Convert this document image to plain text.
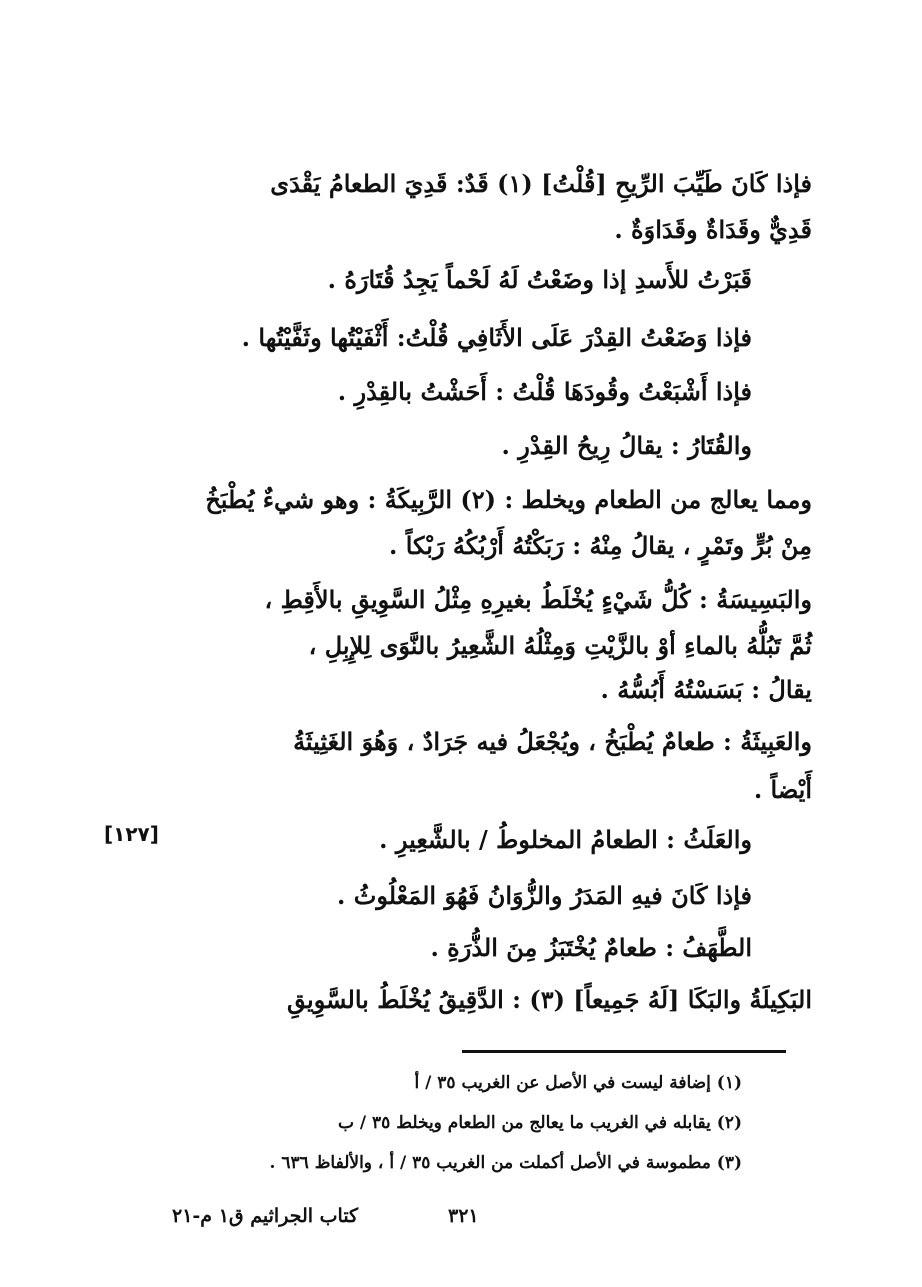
فإذا كَانَ طَيِّبَ الرِّيحِ [قُلْتُ] (١) قَدٌ: قَدِيَ الطعامُ يَقْدَى
قَدِيٌّ وقَدَاةٌ وقَدَاوَةٌ .
قَبَرْتُ للأَسدِ إذا وضَعْتُ لَهُ لَحْماً يَجِدُ قُتَارَهُ .
فإذا وَضَعْتُ القِدْرَ عَلَى الأَثَافِي قُلْتُ: أَثْفَيْتُها وثَفَّيْتُها .
فإذا أَشْبَعْتُ وقُودَهَا قُلْتُ : أَحَشْتُ بالقِدْرِ .
والقُتَارُ : يقالُ رِيحُ القِدْرِ .
ومما يعالج من الطعام ويخلط : (٢) الرَّبِيكَةُ : وهو شيءٌ يُطْبَخُ
مِنْ بُرٍّ وتَمْرٍ ، يقالُ مِنْهُ : رَبَكْتُهُ أَرْبُكُهُ رَبْكاً .
والبَسِيسَةُ : كُلُّ شَيْءٍ يُخْلَطُ بغيرِهِ مِثْلُ السَّوِيقِ بالأَقِطِ ،
ثُمَّ تَبُلُّهُ بالماءِ أوْ بالزَّيْتِ وَمِثْلُهُ الشَّعِيرُ بالنَّوَى لِلإِبِلِ ،
يقالُ : بَسَسْتُهُ أَبُسُّهُ .
والعَبِيثَةُ : طعامٌ يُطْبَخُ ، ويُجْعَلُ فيه جَرَادٌ ، وَهُوَ الغَثِيثَةُ
أَيْضاً .
والعَلَثُ : الطعامُ المخلوطُ / بالشَّعِيرِ .
فإذا كَانَ فيهِ المَدَرُ والزُّوَانُ فَهُوَ المَعْلُوثُ .
الطَّهَفُ : طعامٌ يُخْتَبَزُ مِنَ الذُّرَةِ .
البَكِيلَةُ والبَكَا [لَهُ جَمِيعاً] (٣) : الدَّقِيقُ يُخْلَطُ بالسَّوِيقِ
[١٢٧]
(١) إضافة ليست في الأصل عن الغريب ٣٥ / أ
(٢) يقابله في الغريب ما يعالج من الطعام ويخلط ٣٥ / ب
(٣) مطموسة في الأصل أكملت من الغريب ٣٥ / أ ، والألفاظ ٦٣٦ .
٣٢١
كتاب الجراثيم ق١ م-٢١
